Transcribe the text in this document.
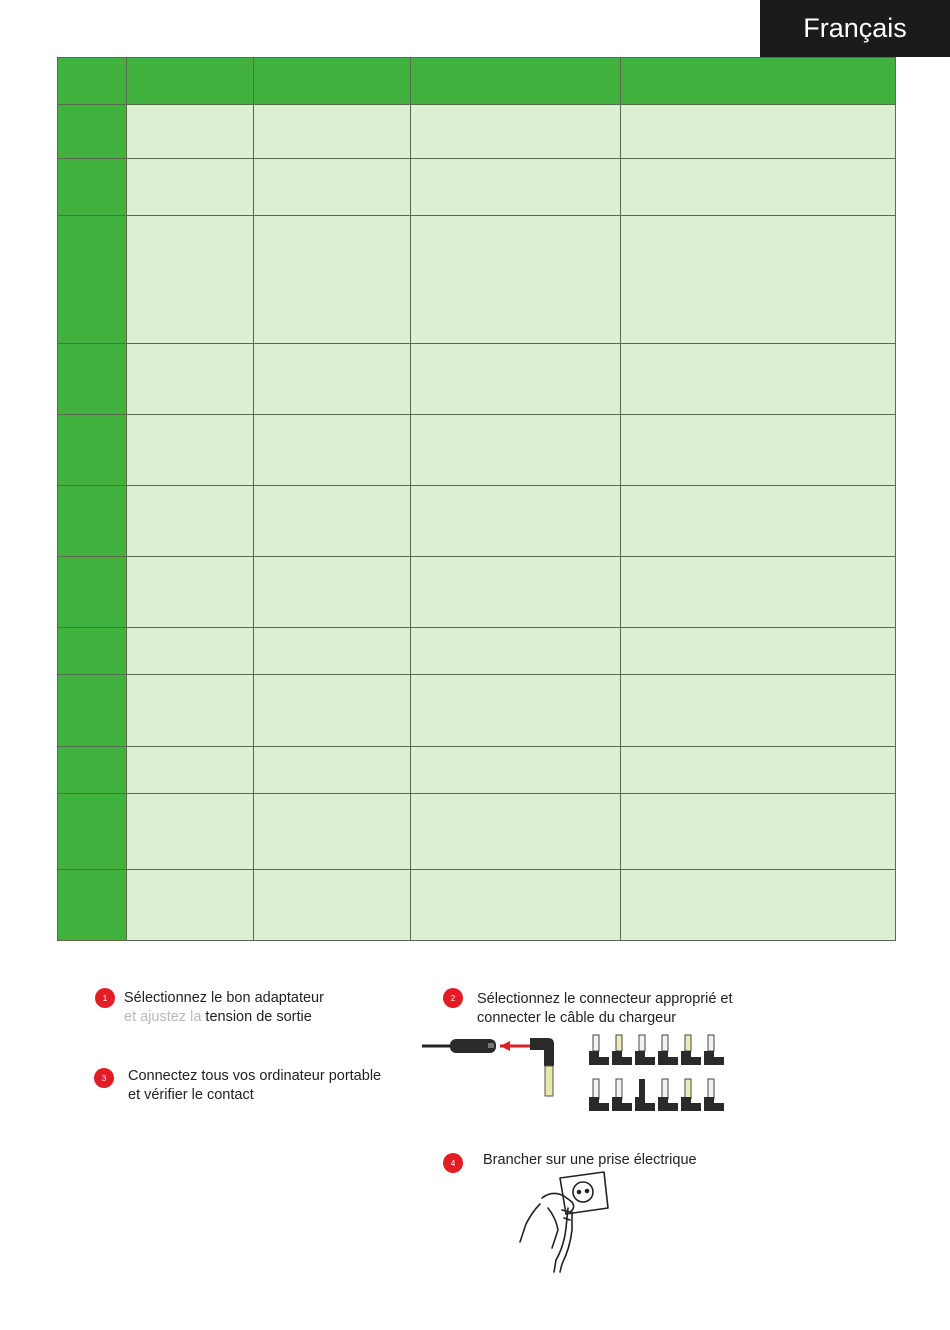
Français

1	Sélectionnez le bon adaptateur
et ajustez la tension de sortie
2	Sélectionnez le connecteur approprié et
connecter le câble du chargeur
3	Connectez tous vos ordinateur portable
et vérifier le contact
4	Brancher sur une prise électrique
